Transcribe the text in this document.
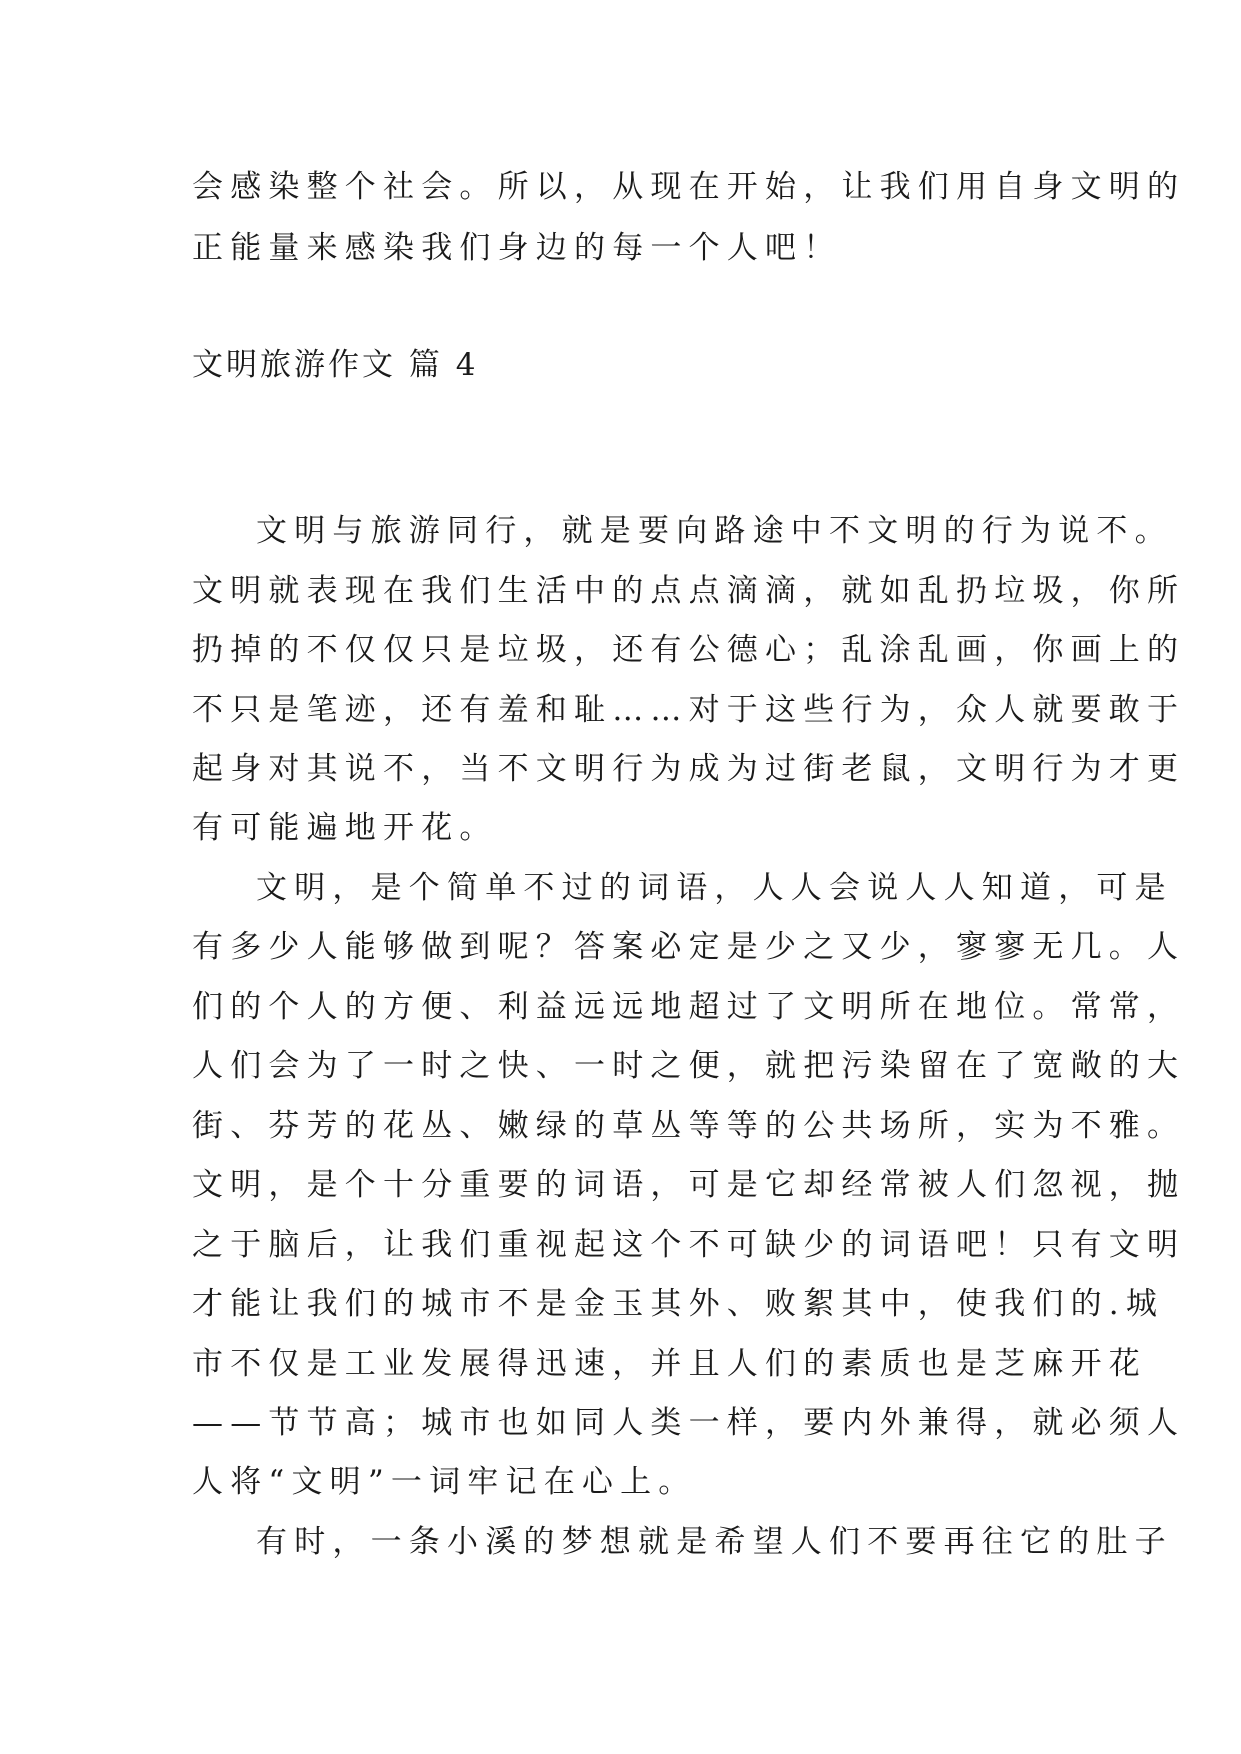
会感染整个社会。所以，从现在开始，让我们用自身文明的

正能量来感染我们身边的每一个人吧！

文明旅游作文 篇 4

文明与旅游同行，就是要向路途中不文明的行为说不。

文明就表现在我们生活中的点点滴滴，就如乱扔垃圾，你所

扔掉的不仅仅只是垃圾，还有公德心；乱涂乱画，你画上的

不只是笔迹，还有羞和耻……对于这些行为，众人就要敢于

起身对其说不，当不文明行为成为过街老鼠，文明行为才更

有可能遍地开花。

文明，是个简单不过的词语，人人会说人人知道，可是

有多少人能够做到呢？答案必定是少之又少，寥寥无几。人

们的个人的方便、利益远远地超过了文明所在地位。常常，

人们会为了一时之快、一时之便，就把污染留在了宽敞的大

街、芬芳的花丛、嫩绿的草丛等等的公共场所，实为不雅。

文明，是个十分重要的词语，可是它却经常被人们忽视，抛

之于脑后，让我们重视起这个不可缺少的词语吧！只有文明

才能让我们的城市不是金玉其外、败絮其中，使我们的.城

市不仅是工业发展得迅速，并且人们的素质也是芝麻开花

——节节高；城市也如同人类一样，要内外兼得，就必须人

人将“文明”一词牢记在心上。

有时，一条小溪的梦想就是希望人们不要再往它的肚子
